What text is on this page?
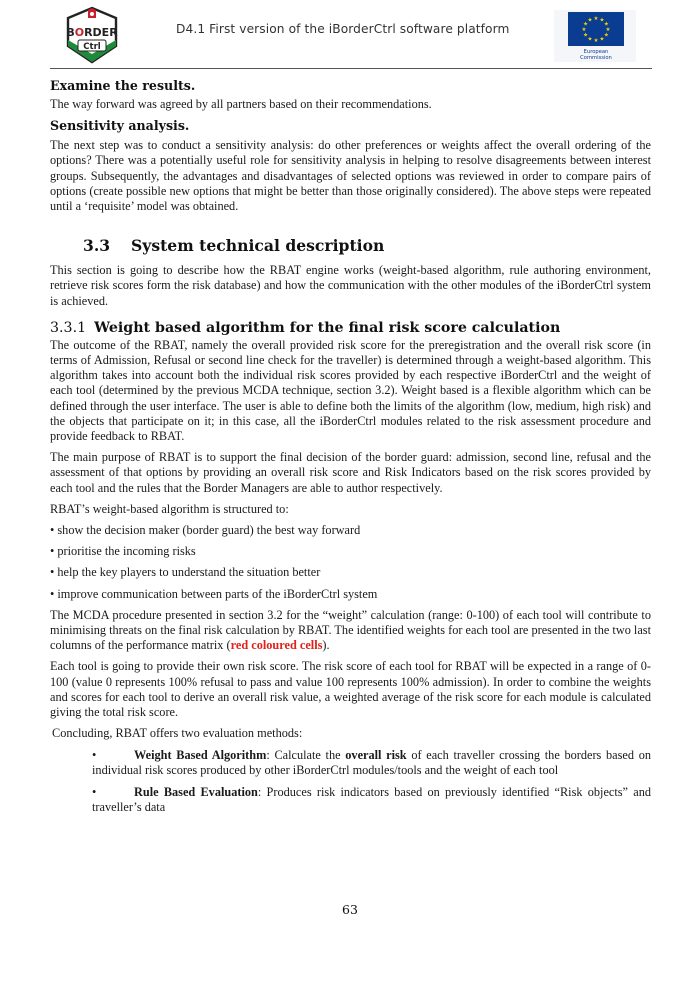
BORDER
Ctrl
D4.1 First version of the iBorderCtrl software platform
★ ★
★
★
★
★
★
★
★
★
★
★
European
Commission
Examine the results.

The way forward was agreed by all partners based on their recommendations.

Sensitivity analysis.

The next step was to conduct a sensitivity analysis: do other preferences or weights affect the overall ordering of the options? There was a potentially useful role for sensitivity analysis in helping to resolve disagreements between interest groups. Subsequently, the advantages and disadvantages of selected options was reviewed in order to compare pairs of options (create possible new options that might be better than those originally considered). The above steps were repeated until a ‘requisite’ model was obtained.

3.3 System technical description

This section is going to describe how the RBAT engine works (weight-based algorithm, rule authoring environment, retrieve risk scores form the risk database) and how the communication with the other modules of the iBorderCtrl system is achieved.

3.3.1 Weight based algorithm for the final risk score calculation

The outcome of the RBAT, namely the overall provided risk score for the preregistration and the overall risk score (in terms of Admission, Refusal or second line check for the traveller) is determined through a weight-based algorithm. This algorithm takes into account both the individual risk scores provided by each respective iBorderCtrl and the weight of each tool (determined by the previous MCDA technique, section 3.2). Weight based is a flexible algorithm which can be defined through the user interface. The user is able to define both the limits of the algorithm (low, medium, high risk) and the objects that participate on it; in this case, all the iBorderCtrl modules related to the risk assessment procedure and provide feedback to RBAT.

The main purpose of RBAT is to support the final decision of the border guard: admission, second line, refusal and the assessment of that options by providing an overall risk score and Risk Indicators based on the risk scores provided by each tool and the rules that the Border Managers are able to author respectively.

RBAT’s weight-based algorithm is structured to:

• show the decision maker (border guard) the best way forward
• prioritise the incoming risks
• help the key players to understand the situation better
• improve communication between parts of the iBorderCtrl system

The MCDA procedure presented in section 3.2 for the “weight” calculation (range: 0-100) of each tool will contribute to minimising threats on the final risk calculation by RBAT. The identified weights for each tool are presented in the two last columns of the performance matrix (red coloured cells).

Each tool is going to provide their own risk score. The risk score of each tool for RBAT will be expected in a range of 0-100 (value 0 represents 100% refusal to pass and value 100 represents 100% admission). In order to combine the weights and scores for each tool to derive an overall risk value, a weighted average of the risk score for each module is calculated giving the total risk score.

Concluding, RBAT offers two evaluation methods:

•	Weight Based Algorithm: Calculate the overall risk of each traveller crossing the borders based on individual risk scores produced by other iBorderCtrl modules/tools and the weight of each tool
•	Rule Based Evaluation: Produces risk indicators based on previously identified “Risk objects” and traveller’s data
63
